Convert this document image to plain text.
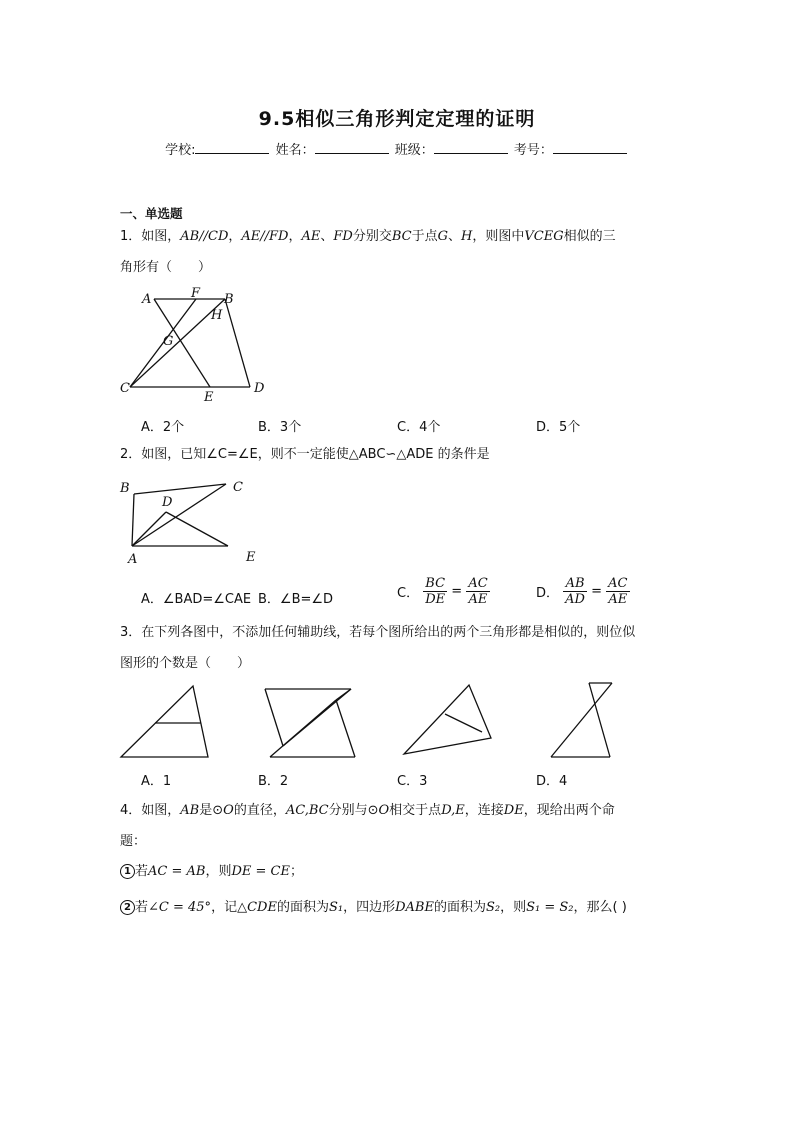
9.5相似三角形判定定理的证明
学校:	姓名：	班级：	考号：
一、单选题
1．如图，AB//CD，AE//FD，AE、FD分别交BC于点G、H，则图中VCEG相似的三
角形有（　　）
A	F B
H
G
C
E
D
A．2个	B．3个	C．4个	D．5个
2．如图，已知∠C=∠E，则不一定能使△ABC∽△ADE 的条件是
B	C
D
A	E
A．∠BAD=∠CAE B．∠B=∠D	C． $\frac{BC}{DE} = \frac{AC}{AE}$	D． $\frac{AB}{AD} = \frac{AC}{AE}$
3．在下列各图中，不添加任何辅助线，若每个图所给出的两个三角形都是相似的，则位似
图形的个数是（　　）
A．1	B．2	C．3	D．4
4．如图，AB是⊙O的直径，AC,BC分别与⊙O相交于点D,E，连接DE，现给出两个命
题：
1 若AC = AB，则DE = CE；
2 若∠C = 45°，记△CDE的面积为S₁，四边形DABE的面积为S₂，则S₁ = S₂，那么( )
